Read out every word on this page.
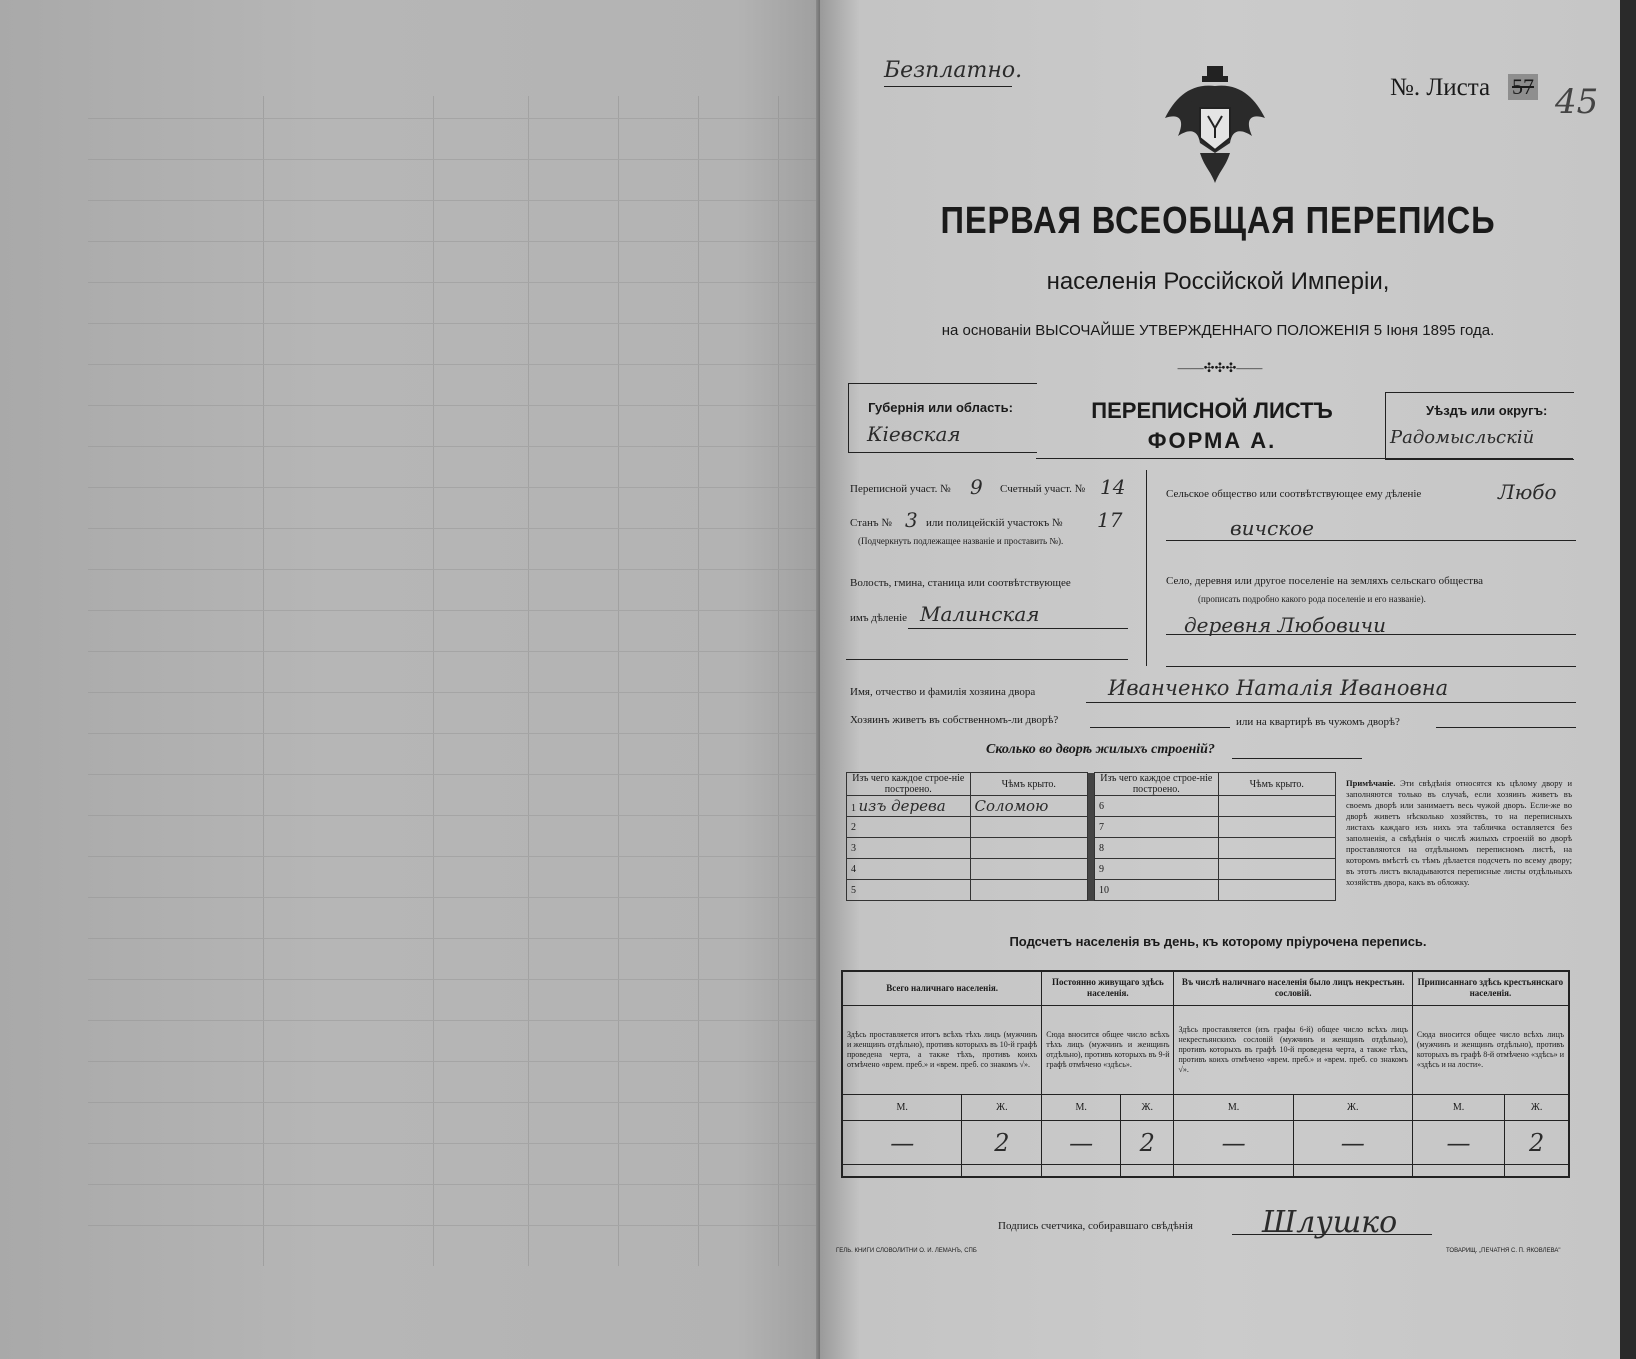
Безплатно.
№. Листа 57 45
ПЕРВАЯ ВСЕОБЩАЯ ПЕРЕПИСЬ
населенія Россійской Имперіи,
на основаніи ВЫСОЧАЙШЕ УТВЕРЖДЕННАГО ПОЛОЖЕНІЯ 5 Іюня 1895 года.
——✣✣✣——
Губернія или область:
Кіевская
ПЕРЕПИСНОЙ ЛИСТЪ
ФОРМА А.
Уѣздъ или округъ:
Радомысльскій
Переписной участ. № 9 Счетный участ. № 14
Станъ № 3 или полицейскій участокъ № 17
(Подчеркнуть подлежащее названіе и проставить №).
Волость, гмина, станица или соотвѣтствующее
имъ дѣленіе Малинская
Сельское общество или соотвѣтствующее ему дѣленіе	Любо
вичское
Село, деревня или другое поселеніе на земляхъ сельскаго общества
(прописать подробно какого рода поселеніе и его названіе).
деревня Любовичи
Имя, отчество и фамилія хозяина двора	Иванченко Наталія Ивановна
Хозяинъ живетъ въ собственномъ-ли дворѣ?	или на квартирѣ въ чужомъ дворѣ?
Сколько во дворѣ жилыхъ строеній?
Изъ чего каждое строе-ніе построено.	Чѣмъ крыто.		Изъ чего каждое строе-ніе построено.	Чѣмъ крыто.
1 изъ дерева	Соломою		6	
2			7	
3			8	
4			9	
5			10	
Примѣчаніе. Эти свѣдѣнія относятся къ цѣлому двору и заполняются только въ случаѣ, если хозяинъ живетъ въ своемъ дворѣ или занимаетъ весь чужой дворъ. Если-же во дворѣ живетъ нѣсколько хозяйствъ, то на переписныхъ листахъ каждаго изъ нихъ эта табличка оставляется без заполненія, а свѣдѣнія о числѣ жилыхъ строеній во дворѣ проставляются на отдѣльномъ переписномъ листѣ, на которомъ вмѣстѣ съ тѣмъ дѣлается подсчетъ по всему двору; въ этотъ листъ вкладываются переписные листы отдѣльныхъ хозяйствъ двора, какъ въ обложку.
Подсчетъ населенія въ день, къ которому пріурочена перепись.
Всего наличнаго населенія.		Постоянно живущаго здѣсь населенія.		Въ числѣ наличнаго населенія было лицъ некрестьян. сословій.		Приписаннаго здѣсь крестьянскаго населенія.	
Здѣсь проставляется итогъ всѣхъ тѣхъ лицъ (мужчинъ и женщинъ отдѣльно), противъ которыхъ въ 10-й графѣ проведена черта, а также тѣхъ, противъ коихъ отмѣчено «врем. преб.» и «врем. преб. со знакомъ √».		Сюда вносится общее число всѣхъ тѣхъ лицъ (мужчинъ и женщинъ отдѣльно), противъ которыхъ въ 9-й графѣ отмѣчено «здѣсь».		Здѣсь проставляется (изъ графы 6-й) общее число всѣхъ лицъ некрестьянскихъ сословій (мужчинъ и женщинъ отдѣльно), противъ которыхъ въ графѣ 10-й проведена черта, а также тѣхъ, противъ коихъ отмѣчено «врем. преб.» и «врем. преб. со знакомъ √».		Сюда вносится общее число всѣхъ лицъ (мужчинъ и женщинъ отдѣльно), противъ которыхъ въ графѣ 8-й отмѣчено «здѣсь» и «здѣсь и на лости».	
М.	Ж.	М.	Ж.	М.	Ж.	М.	Ж.
—	2	—	2	—	—	—	2

Подпись счетчика, собиравшаго свѣдѣнія Шлушко
ГЕЛЬ. КНИГИ СЛОВОЛИТНИ О. И. ЛЕМАНЪ, СПБ	ТОВАРИЩ. „ПЕЧАТНЯ С. П. ЯКОВЛЕВА"
